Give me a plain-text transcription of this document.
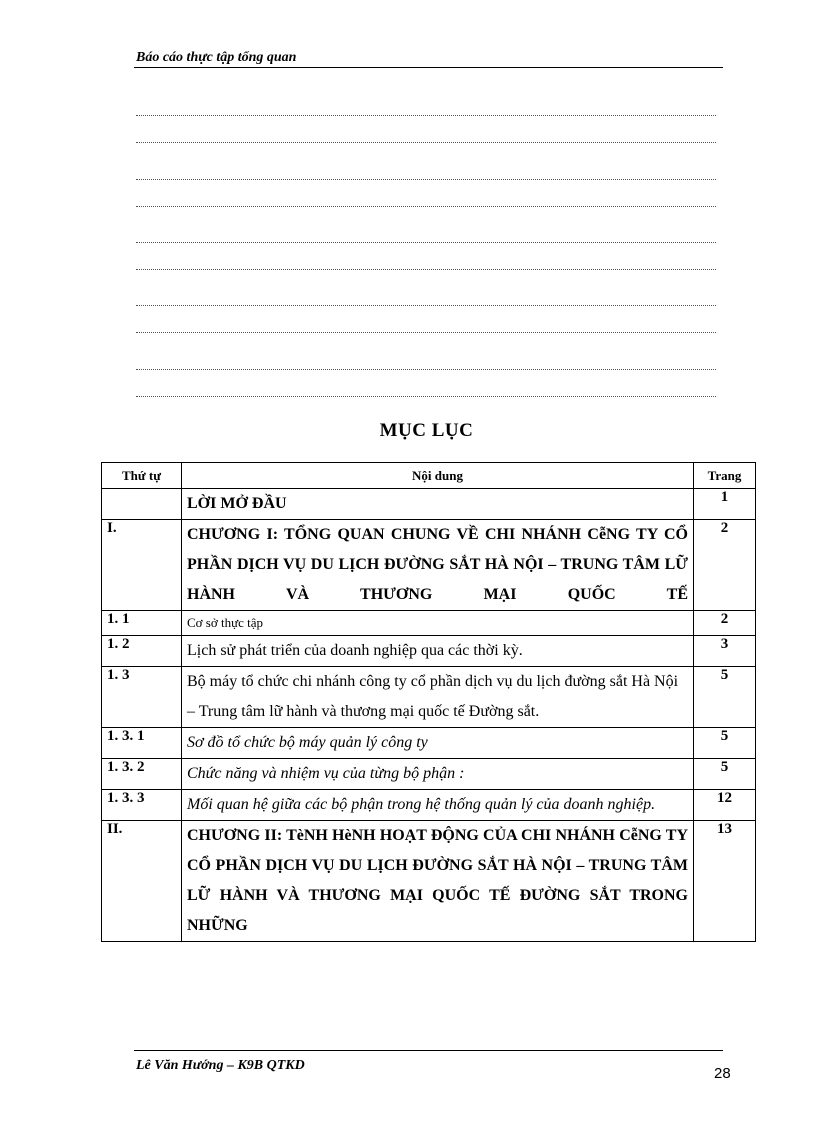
Báo cáo thực tập tổng quan
MỤC LỤC
Thứ tự	Nội dung	Trang
	LỜI MỞ ĐẦU	1
I.	CHƯƠNG I: TỔNG QUAN CHUNG VỀ CHI NHÁNH CễNG TY CỔ PHẦN DỊCH VỤ DU LỊCH ĐƯỜNG SẮT HÀ NỘI – TRUNG TÂM LỮ HÀNH VÀ THƯƠNG MẠI QUỐC TẾ	2
1. 1	Cơ sở thực tập	2
1. 2	Lịch sử phát triển của doanh nghiệp qua các thời kỳ.	3
1. 3	Bộ máy tổ chức chi nhánh công ty cổ phần dịch vụ du lịch đường sắt Hà Nội – Trung tâm lữ hành và thương mại quốc tế Đường sắt.	5
1. 3. 1	Sơ đồ tổ chức bộ máy quản lý công ty	5
1. 3. 2	Chức năng và nhiệm vụ của từng bộ phận :	5
1. 3. 3	Mối quan hệ giữa các bộ phận trong hệ thống quản lý của doanh nghiệp.	12
II.	CHƯƠNG II: TèNH HèNH HOẠT ĐỘNG CỦA CHI NHÁNH CễNG TY CỔ PHẦN DỊCH VỤ DU LỊCH ĐƯỜNG SẮT HÀ NỘI – TRUNG TÂM LỮ HÀNH VÀ THƯƠNG MẠI QUỐC TẾ ĐƯỜNG SẮT TRONG NHỮNG	13
Lê Văn Hướng – K9B QTKD	28
